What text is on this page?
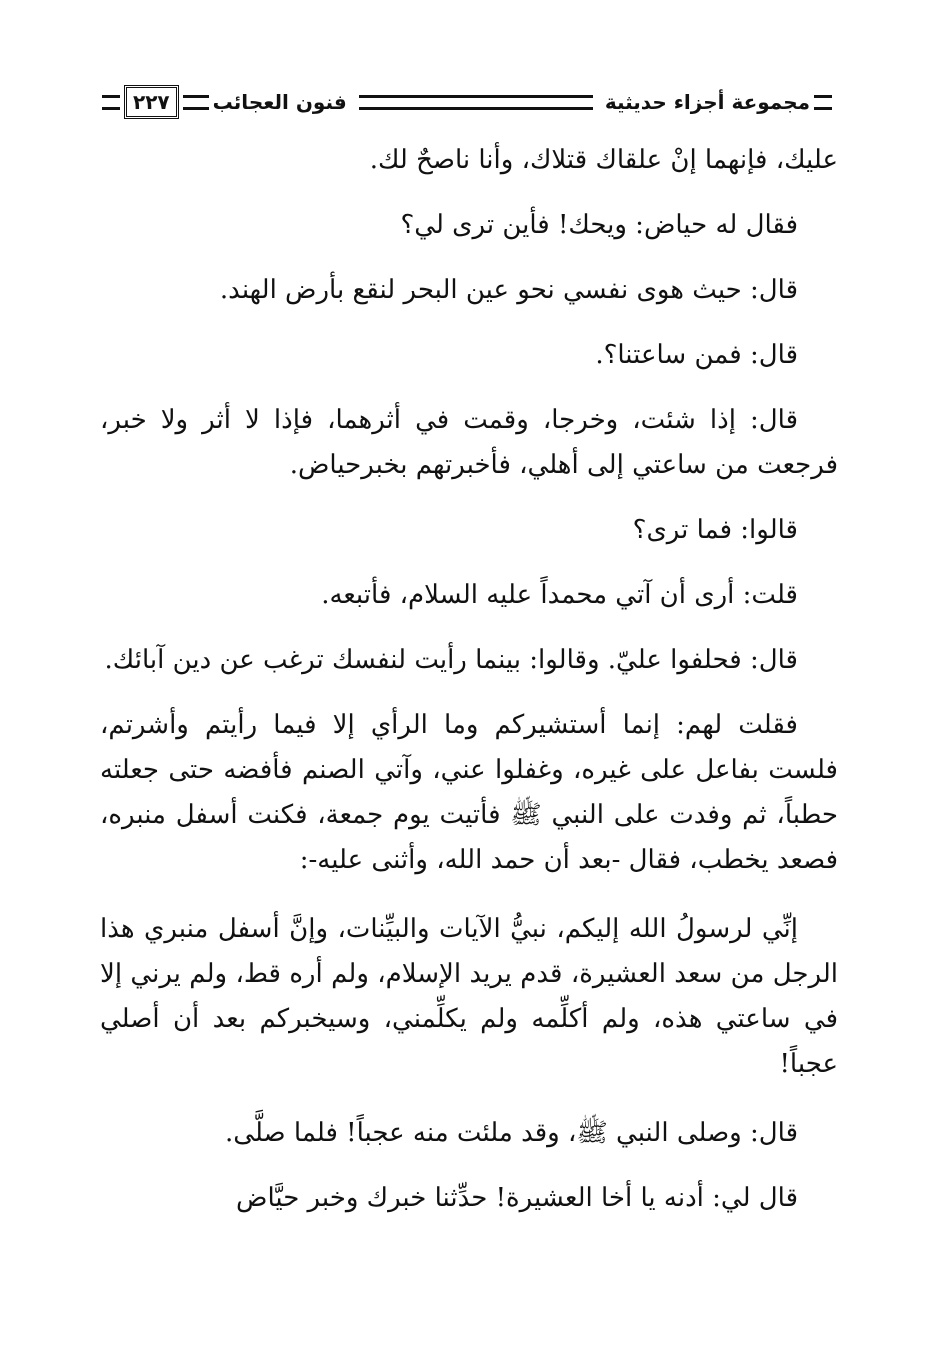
مجموعة أجزاء حديثية
فنون العجائب
٢٢٧

عليك، فإنهما إنْ علقاك قتلاك، وأنا ناصحٌ لك.

فقال له حياض: ويحك! فأين ترى لي؟

قال: حيث هوى نفسي نحو عين البحر لنقع بأرض الهند.

قال: فمن ساعتنا؟.

قال: إذا شئت، وخرجا، وقمت في أثرهما، فإذا لا أثر ولا خبر، فرجعت من ساعتي إلى أهلي، فأخبرتهم بخبرحياض.

قالوا: فما ترى؟

قلت: أرى أن آتي محمداً عليه السلام، فأتبعه.

قال: فحلفوا عليّ. وقالوا: بينما رأيت لنفسك ترغب عن دين آبائك.

فقلت لهم: إنما أستشيركم وما الرأي إلا فيما رأيتم وأشرتم، فلست بفاعل على غيره، وغفلوا عني، وآتي الصنم فأفضه حتى جعلته حطباً، ثم وفدت على النبي ﷺ فأتيت يوم جمعة، فكنت أسفل منبره، فصعد يخطب، فقال -بعد أن حمد الله، وأثنى عليه-:

إنِّي لرسولُ الله إليكم، نبيُّ الآيات والبيِّنات، وإنَّ أسفل منبري هذا الرجل من سعد العشيرة، قدم يريد الإسلام، ولم أره قط، ولم يرني إلا في ساعتي هذه، ولم أكلِّمه ولم يكلِّمني، وسيخبركم بعد أن أصلي عجباً!

قال: وصلى النبي ﷺ، وقد ملئت منه عجباً! فلما صلَّى.

قال لي: أدنه يا أخا العشيرة! حدِّثنا خبرك وخبر حيَّاض
